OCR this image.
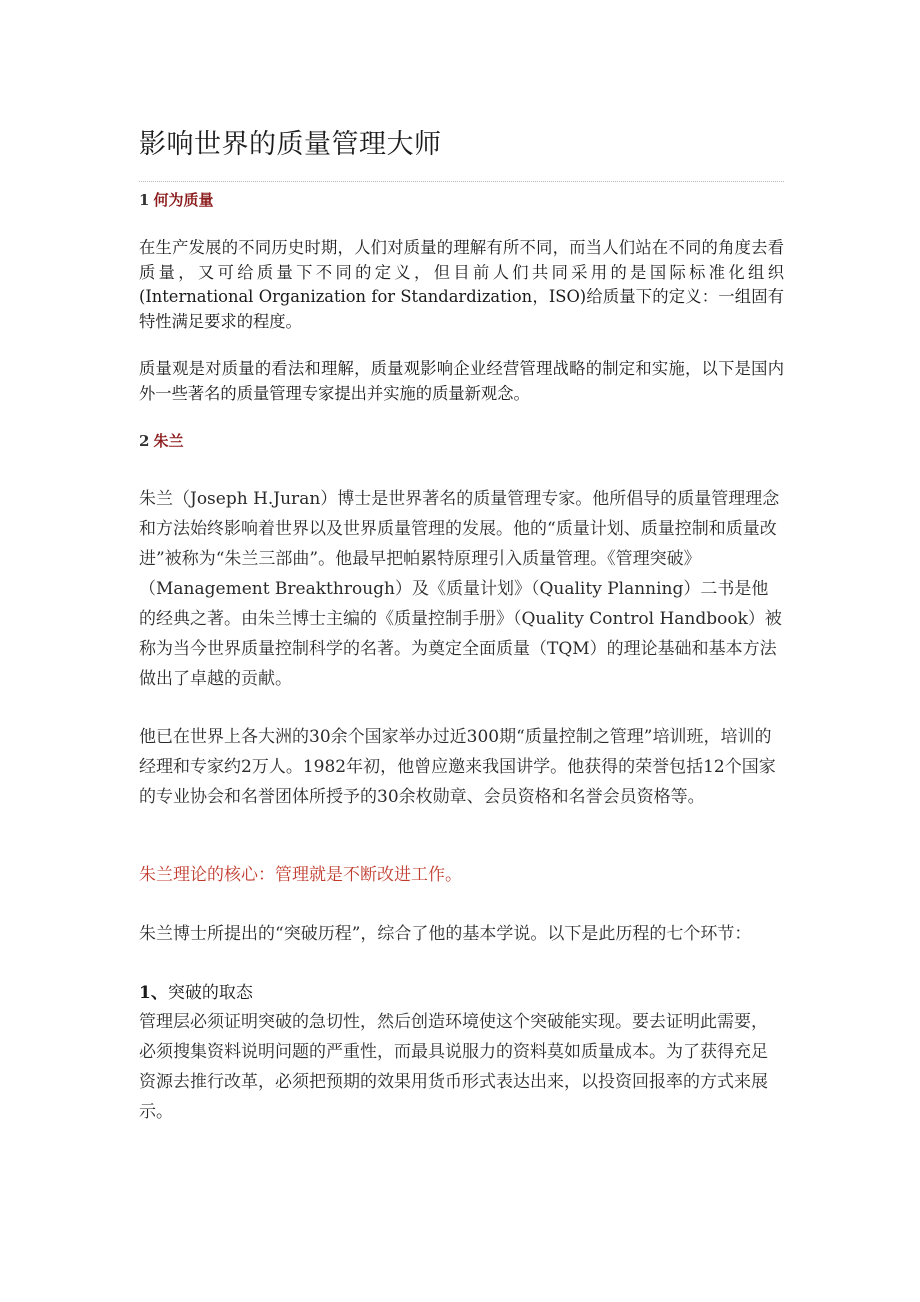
影响世界的质量管理大师
1 何为质量

在生产发展的不同历史时期，人们对质量的理解有所不同，而当人们站在不同的角度去看质量，又可给质量下不同的定义，但目前人们共同采用的是国际标准化组织(International Organization for Standardization，ISO)给质量下的定义：一组固有特性满足要求的程度。

质量观是对质量的看法和理解，质量观影响企业经营管理战略的制定和实施，以下是国内外一些著名的质量管理专家提出并实施的质量新观念。

2 朱兰

朱兰（Joseph H.Juran）博士是世界著名的质量管理专家。他所倡导的质量管理理念和方法始终影响着世界以及世界质量管理的发展。他的“质量计划、质量控制和质量改进”被称为“朱兰三部曲”。他最早把帕累特原理引入质量管理。《管理突破》（Management Breakthrough）及《质量计划》（Quality Planning）二书是他的经典之著。由朱兰博士主编的《质量控制手册》（Quality Control Handbook）被称为当今世界质量控制科学的名著。为奠定全面质量（TQM）的理论基础和基本方法做出了卓越的贡献。

他已在世界上各大洲的30余个国家举办过近300期“质量控制之管理”培训班，培训的经理和专家约2万人。1982年初，他曾应邀来我国讲学。他获得的荣誉包括12个国家的专业协会和名誉团体所授予的30余枚勋章、会员资格和名誉会员资格等。

朱兰理论的核心：管理就是不断改进工作。

朱兰博士所提出的“突破历程”，综合了他的基本学说。以下是此历程的七个环节：

1、突破的取态

管理层必须证明突破的急切性，然后创造环境使这个突破能实现。要去证明此需要，必须搜集资料说明问题的严重性，而最具说服力的资料莫如质量成本。为了获得充足资源去推行改革，必须把预期的效果用货币形式表达出来，以投资回报率的方式来展示。
